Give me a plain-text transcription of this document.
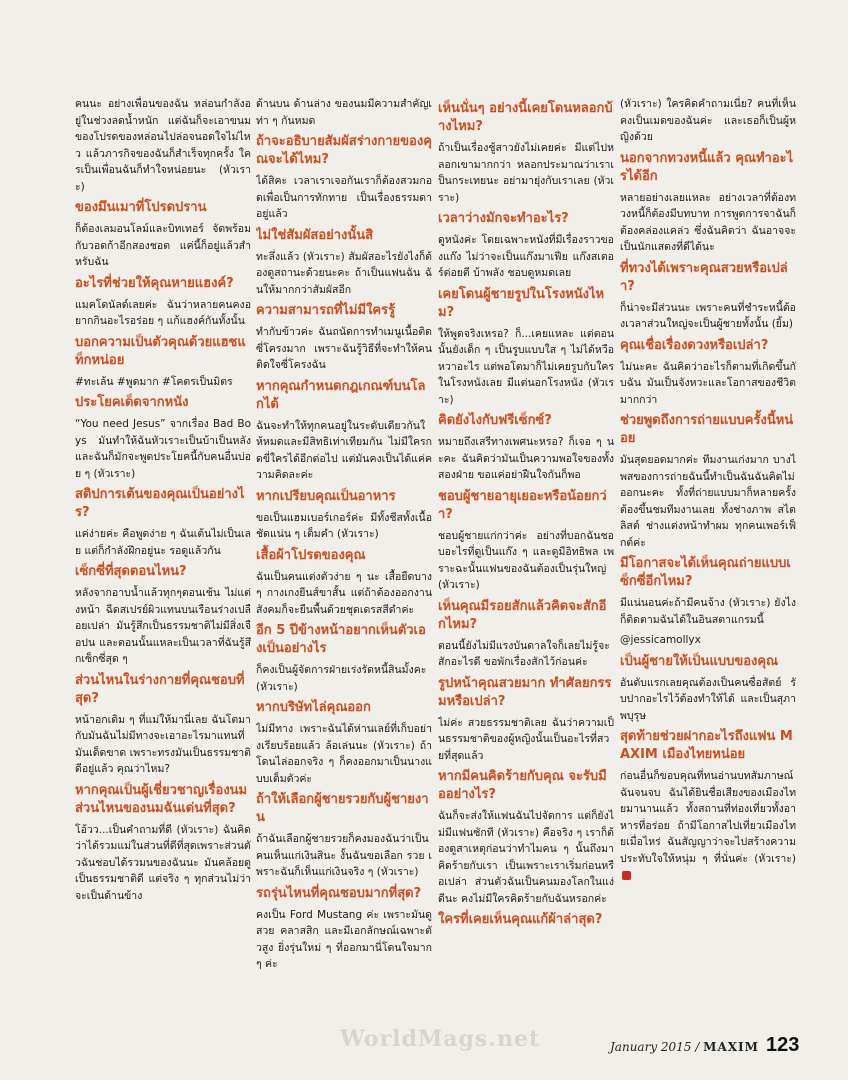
คนนะ อย่างเพื่อนของฉัน หล่อนกำลังอยู่ในช่วงลดน้ำหนัก แต่ฉันก็จะเอาขนมของโปรดของหล่อนไปล่อจนอดใจไม่ไหว แล้วภารกิจของฉันก็สำเร็จทุกครั้ง ใครเป็นเพื่อนฉันก็ทำใจหน่อยนะ (หัวเราะ)

ของมึนเมาที่โปรดปราน

ก็ต้องเลมอนโลม์และบิทเทอร์ จัดพร้อมกับวอดก้าอีกสองชอต แค่นี้ก็อยู่แล้วสำหรับฉัน

อะไรที่ช่วยให้คุณหายแฮงค์?

แมคโดนัลด์เลยค่ะ ฉันว่าหลายคนคงอยากกินอะไรอร่อย ๆ แก้แฮงค์กันทั้งนั้น

บอกความเป็นตัวคุณด้วยแฮชแท็กหน่อย

#ทะเล้น #พูดมาก #โคตรเป็นมิตร

ประโยคเด็ดจากหนัง

“You need Jesus” จากเรื่อง Bad Boys มันทำให้ฉันหัวเราะเป็นบ้าเป็นหลัง และฉันก็มักจะพูดประโยคนี้กับคนอื่นบ่อย ๆ (หัวเราะ)

สติปการเต้นของคุณเป็นอย่างไร?

แค่ง่ายค่ะ คือพูดง่าย ๆ ฉันเต้นไม่เป็นเลย แต่ก็กำลังฝึกอยู่นะ รอดูแล้วกัน

เซ็กซี่ที่สุดตอนไหน?

หลังจากอาบน้ำแล้วทุกๆตอนเช้น ไม่แต่งหน้า ฉีดสเปรย์ผิวแทนบนเรือนร่างเปลือยเปล่า มันรู้สึกเป็นธรรมชาติไม่มีสิ่งเจือปน และตอนนั้นแหละเป็นเวลาที่ฉันรู้สึกเซ็กซี่สุด ๆ

ส่วนไหนในร่างกายที่คุณชอบที่สุด?

หน้าอกเดิม ๆ ที่แม่ให้มานี่เลย ฉันโตมากับมันฉันไม่มีทางจะเอาอะไรมาแทนที่มันเด็ดขาด เพราะทรงมันเป็นธรรมชาติดีอยู่แล้ว คุณว่าไหม?

หากคุณเป็นผู้เชี่ยวชาญเรื่องนมส่วนไหนของนมฉันเด่นที่สุด?

โอ้วว...เป็นคำถามที่ดี (หัวเราะ) ฉันคิดว่าได้รวมแม่ในส่วนที่ดีที่สุดเพราะส่วนตัวฉันชอบได้รวมนของฉันนะ มันคล้อยดูเป็นธรรมชาติดี แต่จริง ๆ ทุกส่วนไม่ว่าจะเป็นด้านข้าง

ด้านบน ด้านล่าง ของนมมีความสำคัญเท่า ๆ กันหมด

ถ้าจะอธิบายสัมผัสร่างกายของคุณจะได้ไหม?

ได้สิคะ เวลาเราเจอกันเราก็ต้องสวมกอดเพื่อเป็นการทักทาย เป็นเรื่องธรรมดาอยู่แล้ว

ไม่ใช่สัมผัสอย่างนั้นสิ

ทะลึ่งแล้ว (หัวเราะ) สัมผัสอะไรยังไงก็ต้องดูสถานะด้วยนะคะ ถ้าเป็นแฟนฉัน ฉันให้มากกว่าสัมผัสอีก

ความสามารถที่ไม่มีใครรู้

ทำกับข้าวค่ะ ฉันถนัดการทำเมนูเนื้อติดซี่โครงมาก เพราะฉันรู้วิธีที่จะทำให้คนติดใจซี่โครงฉัน

หากคุณกำหนดกฎเกณฑ์บนโลกได้

ฉันจะทำให้ทุกคนอยู่ในระดับเดียวกันให้หมดและมีสิทธิเท่าเทียมกัน ไม่มีใครกดขี่ใครได้อีกต่อไป แต่มันคงเป็นได้แค่ความคิดละค่ะ

หากเปรียบคุณเป็นอาหาร

ขอเป็นแฮมเบอร์เกอร์ค่ะ มีทั้งชีสทั้งเนื้อชัดแน่น ๆ เต็มคำ (หัวเราะ)

เสื้อผ้าโปรดของคุณ

ฉันเป็นคนแต่งตัวง่าย ๆ นะ เสื้อยืดบาง ๆ กางเกงยีนส์ขาสั้น แต่ถ้าต้องออกงานสังคมก็จะยืนพื้นด้วยชุดเดรสสีดำค่ะ

อีก 5 ปีข้างหน้าอยากเห็นตัวเองเป็นอย่างไร

ก็คงเป็นผู้จัดการฝ่ายเร่งรัดหนี้สินมั้งคะ (หัวเราะ)

หากบริษัทไล่คุณออก

ไม่มีทาง เพราะฉันได้ห่านเลย์ที่เก็บอย่างเรียบร้อยแล้ว ล้อเล่นนะ (หัวเราะ) ถ้าโดนไล่ออกจริง ๆ ก็คงออกมาเป็นนางแบบเต็มตัวค่ะ

ถ้าให้เลือกผู้ชายรวยกับผู้ชายงาน

ถ้าฉันเลือกผู้ชายรวยก็คงมองฉันว่าเป็นคนเห็นแก่เงินสินะ งั้นฉันขอเลือก รวย เพราะฉันก็เห็นแก่เงินจริง ๆ (หัวเราะ)

รถรุ่นไหนที่คุณชอบมากที่สุด?

คงเป็น Ford Mustang ค่ะ เพราะมันดูสวย คลาสสิก และมีเอกลักษณ์เฉพาะตัวสูง ยิ่งรุ่นใหม่ ๆ ที่ออกมานี่โดนใจมาก ๆ ค่ะ

เห็นนั่นๆ อย่างนี้เคยโดนหลอกบ้างไหม?

ถ้าเป็นเรื่องชู้สาวยังไม่เคยค่ะ มีแต่ไปหลอกเขามากกว่า หลอกประมาณว่าเราเป็นกระเทยนะ อย่ามายุ่งกับเราเลย (หัวเราะ)

เวลาว่างมักจะทำอะไร?

ดูหนังค่ะ โดยเฉพาะหนังที่มีเรื่องราวของแก๊ง ไม่ว่าจะเป็นแก๊งมาเฟีย แก๊งสเตอร์ต่อยตี บ้าพลัง ชอบดูหมดเลย

เคยโดนผู้ชายรูปในโรงหนังไหม?

ให้พูดจริงเหรอ? ก็...เคยแหละ แต่ตอนนั้นยังเด็ก ๆ เป็นรูบแบบใส ๆ ไม่ได้หวือหวาอะไร แต่พอโตมาก็ไม่เคยรูบกับใครในโรงหนังเลย มีแต่นอกโรงหนัง (หัวเราะ)

คิดยังไงกับฟรีเซ็กซ์?

หมายถึงเสรีทางเพศนะหรอ? ก็เจอ ๆ นะคะ ฉันคิดว่ามันเป็นความพอใจของทั้งสองฝ่าย ขอแค่อย่าฝืนใจกันก็พอ

ชอบผู้ชายอายุเยอะหรือน้อยกว่า?

ชอบผู้ชายแก่กว่าค่ะ อย่างที่บอกฉันชอบอะไรที่ดูเป็นแก๊ง ๆ และดูมีอิทธิพล เพราะฉะนั้นแฟนของฉันต้องเป็นรุ่นใหญ่ (หัวเราะ)

เห็นคุณมีรอยสักแล้วคิดจะสักอีกไหม?

ตอนนี้ยังไม่มีแรงบันดาลใจก็เลยไม่รู้จะสักอะไรดี ขอพักเรื่องสักไว้ก่อนค่ะ

รูปหน้าคุณสวยมาก ทำศัลยกรรมหรือเปล่า?

ไม่ค่ะ สวยธรรมชาติเลย ฉันว่าความเป็นธรรมชาติของผู้หญิงนั้นเป็นอะไรที่สวยที่สุดแล้ว

หากมีคนคิดร้ายกับคุณ จะรับมืออย่างไร?

ฉันก็จะส่งให้แฟนฉันไปจัดการ แต่ก็ยังไม่มีแฟนซักที (หัวเราะ) คือจริง ๆ เราก็ต้องดูสาเหตุก่อนว่าทำไมคน ๆ นั้นถึงมาคิดร้ายกับเรา เป็นเพราะเราเริ่มก่อนหรือเปล่า ส่วนตัวฉันเป็นคนมองโลกในแง่ดีนะ คงไม่มีใครคิดร้ายกับฉันหรอกค่ะ

ใครที่เคยเห็นคุณแก้ผ้าล่าสุด?

(หัวเราะ) ใครคิดคำถามเนี่ย? คนที่เห็นคงเป็นเมดของฉันค่ะ และเธอก็เป็นผู้หญิงด้วย

นอกจากทวงหนี้แล้ว คุณทำอะไรได้อีก

หลายอย่างเลยแหละ อย่างเวลาที่ต้องทวงหนี้ก็ต้องมีบทบาท การพูดการจาฉันก็ต้องคล่องแคล่ว ซึ่งฉันคิดว่า ฉันอาจจะเป็นนักแสดงที่ดีได้นะ

ที่ทวงได้เพราะคุณสวยหรือเปล่า?

ก็น่าจะมีส่วนนะ เพราะคนที่ชำระหนี้ต้องเวลาส่วนใหญ่จะเป็นผู้ชายทั้งนั้น (ยิ้ม)

คุณเชื่อเรื่องดวงหรือเปล่า?

ไม่นะคะ ฉันคิดว่าอะไรก็ตามที่เกิดขึ้นกับฉัน มันเป็นจังหวะและโอกาสของชีวิตมากกว่า

ช่วยพูดถึงการถ่ายแบบครั้งนี้หน่อย

มันสุดยอดมากค่ะ ทีมงานเก่งมาก บางไพสของการถ่ายฉันนี้ทำเป็นฉันฉันคิดไม่ออกนะคะ ทั้งที่ถ่ายแบบมาก็หลายครั้ง ต้องขึ้นชมทีมงานเลย ทั้งช่างภาพ สไตลิสต์ ช่างแต่งหน้าทำผม ทุกคนเพอร์เฟ็กต์ค่ะ

มีโอกาสจะได้เห็นคุณถ่ายแบบเซ็กซี่อีกไหม?

มีแน่นอนค่ะถ้ามีคนจ้าง (หัวเราะ) ยังไงก็ติดตามฉันได้ในอินสตาแกรมนี้

@jessicamollyx

เป็นผู้ชายให้เป็นแบบของคุณ

อันดับแรกเลยคุณต้องเป็นคนซื่อสัตย์ รับปากอะไรไว้ต้องทำให้ได้ และเป็นสุภาพบุรุษ

สุดท้ายช่วยฝากอะไรถึงแฟน MAXIM เมืองไทยหน่อย

ก่อนอื่นก็ขอบคุณที่ทนอ่านบทสัมภาษณ์ฉันจนจบ ฉันได้ยินชื่อเสียงของเมืองไทยมานานแล้ว ทั้งสถานที่ท่องเที่ยวทั้งอาหารที่อร่อย ถ้ามีโอกาสไปเที่ยวเมืองไทยเมื่อไหร่ ฉันสัญญาว่าจะไปสร้างความประทับใจให้หนุ่ม ๆ ที่นั่นค่ะ (หัวเราะ)

WorldMags.net	January 2015 / MAXIM 123
